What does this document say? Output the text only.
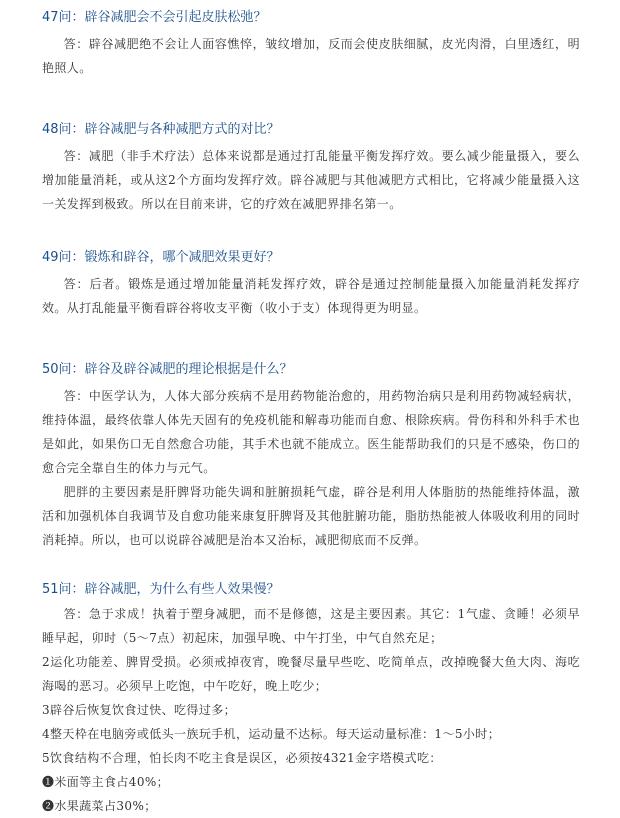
47问：辟谷减肥会不会引起皮肤松弛？

答：辟谷减肥绝不会让人面容憔悴，皱纹增加，反而会使皮肤细腻，皮光肉滑，白里透红，明艳照人。

48问：辟谷减肥与各种减肥方式的对比？

答：减肥（非手术疗法）总体来说都是通过打乱能量平衡发挥疗效。要么减少能量摄入，要么增加能量消耗，或从这2个方面均发挥疗效。辟谷减肥与其他减肥方式相比，它将减少能量摄入这一关发挥到极致。所以在目前来讲，它的疗效在减肥界排名第一。

49问：锻炼和辟谷，哪个减肥效果更好？

答：后者。锻炼是通过增加能量消耗发挥疗效，辟谷是通过控制能量摄入加能量消耗发挥疗效。从打乱能量平衡看辟谷将收支平衡（收小于支）体现得更为明显。

50问：辟谷及辟谷减肥的理论根据是什么？

答：中医学认为，人体大部分疾病不是用药物能治愈的，用药物治病只是利用药物减轻病状，维持体温，最终依靠人体先天固有的免疫机能和解毒功能而自愈、根除疾病。骨伤科和外科手术也是如此，如果伤口无自然愈合功能，其手术也就不能成立。医生能帮助我们的只是不感染，伤口的愈合完全靠自生的体力与元气。

肥胖的主要因素是肝脾肾功能失调和脏腑损耗气虚，辟谷是利用人体脂肪的热能维持体温，激活和加强机体自我调节及自愈功能来康复肝脾肾及其他脏腑功能，脂肪热能被人体吸收利用的同时消耗掉。所以，也可以说辟谷减肥是治本又治标，减肥彻底而不反弹。

51问：辟谷减肥，为什么有些人效果慢？

答：急于求成！执着于塑身减肥，而不是修德，这是主要因素。其它：1气虚、贪睡！必须早睡早起，卯时（5～7点）初起床，加强早晚、中午打坐，中气自然充足；

2运化功能差、脾胃受损。必须戒掉夜宵，晚餐尽量早些吃、吃简单点，改掉晚餐大鱼大肉、海吃海喝的恶习。必须早上吃饱，中午吃好，晚上吃少；

3辟谷后恢复饮食过快、吃得过多；

4整天枠在电脑旁或低头一族玩手机，运动量不达标。每天运动量标准：1～5小时；

5饮食结构不合理，怕长肉不吃主食是误区，必须按4321金字塔模式吃：

❶米面等主食占40%；

❷水果蔬菜占30%；
